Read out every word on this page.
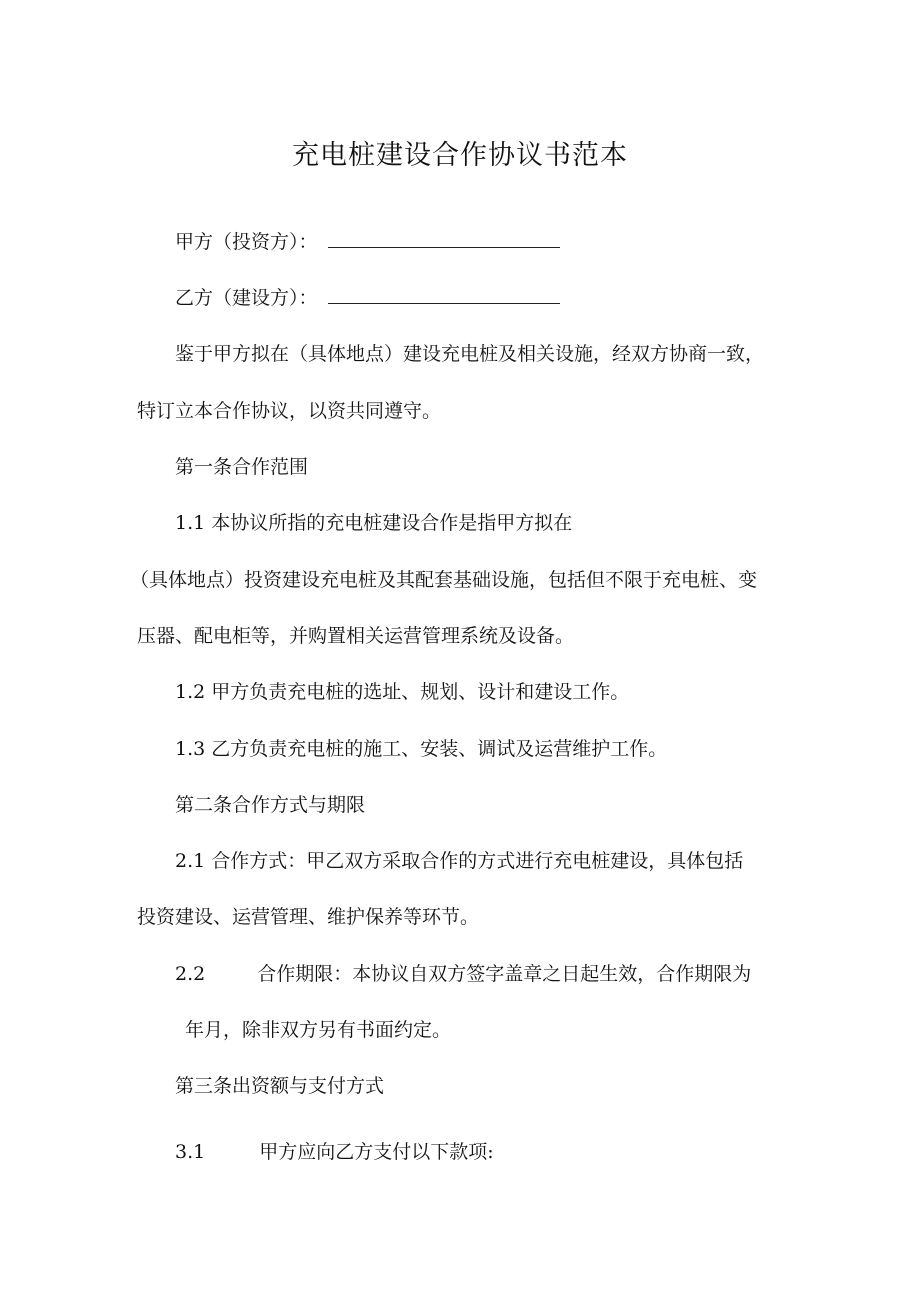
充电桩建设合作协议书范本
甲方（投资方）：
乙方（建设方）：
鉴于甲方拟在（具体地点）建设充电桩及相关设施，经双方协商一致，
特订立本合作协议，以资共同遵守。
第一条合作范围
1.1 本协议所指的充电桩建设合作是指甲方拟在
（具体地点）投资建设充电桩及其配套基础设施，包括但不限于充电桩、变
压器、配电柜等，并购置相关运营管理系统及设备。
1.2 甲方负责充电桩的选址、规划、设计和建设工作。
1.3 乙方负责充电桩的施工、安装、调试及运营维护工作。
第二条合作方式与期限
2.1 合作方式：甲乙双方采取合作的方式进行充电桩建设，具体包括
投资建设、运营管理、维护保养等环节。
2.2	合作期限：本协议自双方签字盖章之日起生效，合作期限为
年月，除非双方另有书面约定。
第三条出资额与支付方式
3.1	甲方应向乙方支付以下款项:
